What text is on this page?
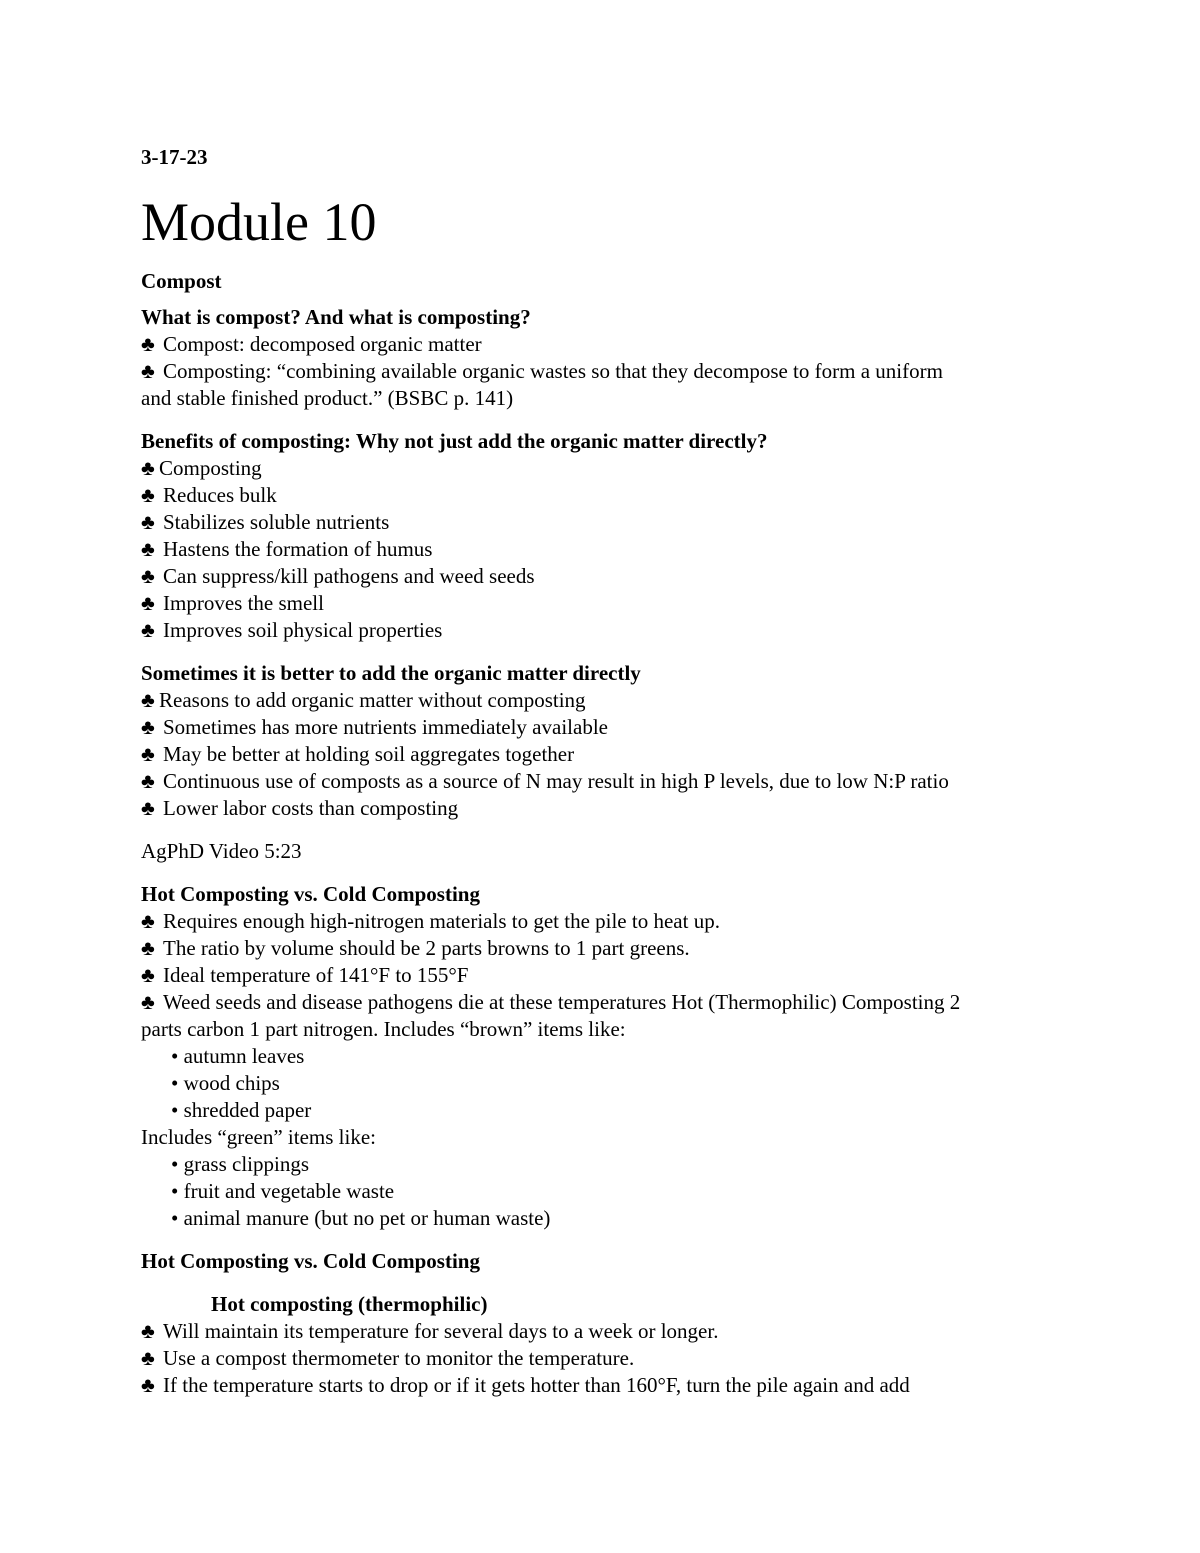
3-17-23
Module 10
Compost
What is compost? And what is composting?
♣ Compost: decomposed organic matter
♣ Composting: “combining available organic wastes so that they decompose to form a uniform
and stable finished product.” (BSBC p. 141)
Benefits of composting: Why not just add the organic matter directly?
♣ Composting
♣ Reduces bulk
♣ Stabilizes soluble nutrients
♣ Hastens the formation of humus
♣ Can suppress/kill pathogens and weed seeds
♣ Improves the smell
♣ Improves soil physical properties
Sometimes it is better to add the organic matter directly
♣ Reasons to add organic matter without composting
♣ Sometimes has more nutrients immediately available
♣ May be better at holding soil aggregates together
♣ Continuous use of composts as a source of N may result in high P levels, due to low N:P ratio
♣ Lower labor costs than composting
AgPhD Video 5:23
Hot Composting vs. Cold Composting
♣ Requires enough high-nitrogen materials to get the pile to heat up.
♣ The ratio by volume should be 2 parts browns to 1 part greens.
♣ Ideal temperature of 141°F to 155°F
♣ Weed seeds and disease pathogens die at these temperatures Hot (Thermophilic) Composting 2
parts carbon 1 part nitrogen. Includes “brown” items like:
• autumn leaves
• wood chips
• shredded paper
Includes “green” items like:
• grass clippings
• fruit and vegetable waste
• animal manure (but no pet or human waste)
Hot Composting vs. Cold Composting
Hot composting (thermophilic)
♣ Will maintain its temperature for several days to a week or longer.
♣ Use a compost thermometer to monitor the temperature.
♣ If the temperature starts to drop or if it gets hotter than 160°F, turn the pile again and add
